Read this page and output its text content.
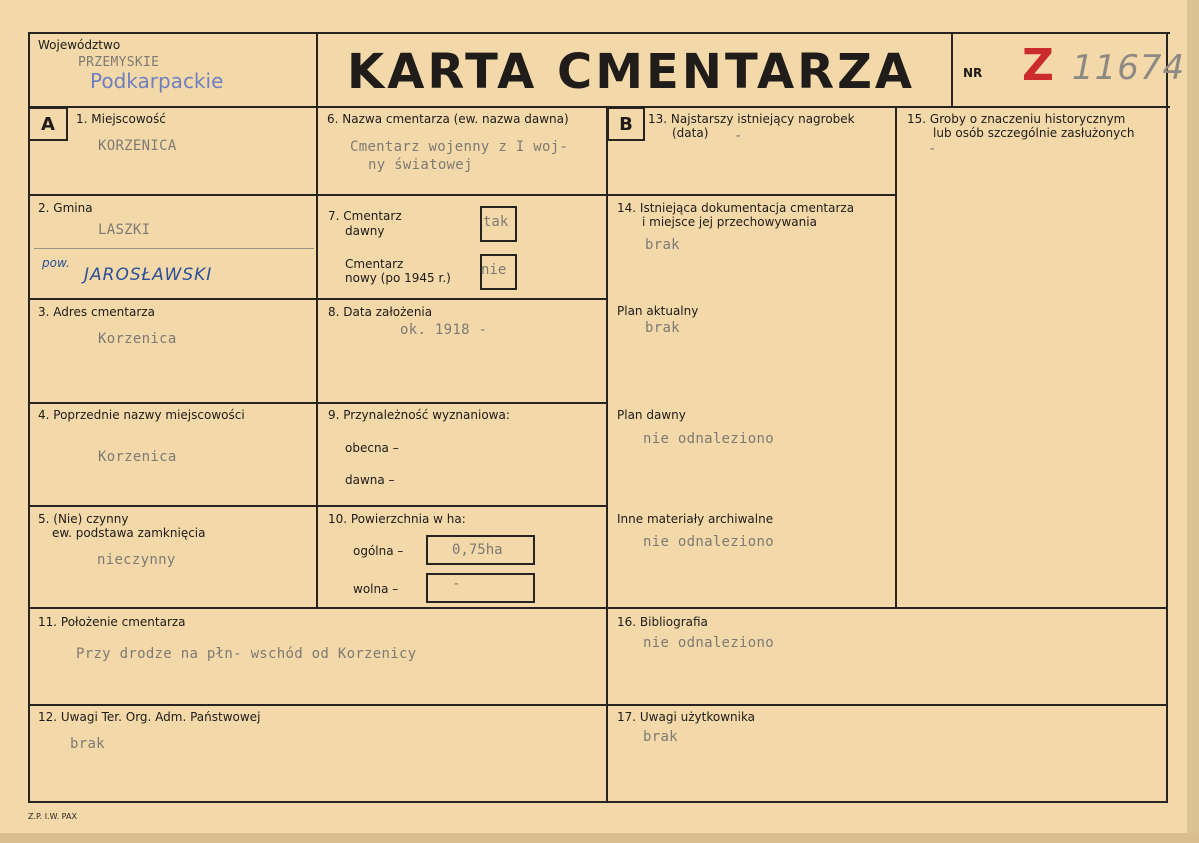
Województwo
PRZEMYSKIE
Podkarpackie	KARTA CMENTARZA	NR Z 11674
A	B
1. Miejscowość
KORZENICA
2. Gmina
LASZKI
pow.
JAROSŁAWSKI
3. Adres cmentarza
Korzenica
4. Poprzednie nazwy miejscowości
Korzenica
5. (Nie) czynny
ew. podstawa zamknięcia
nieczynny
6. Nazwa cmentarza (ew. nazwa dawna)
Cmentarz wojenny z I woj-
ny światowej
7. Cmentarz
dawny
tak
Cmentarz
nowy (po 1945 r.) nie
8. Data założenia
ok. 1918 -
9. Przynależność wyznaniowa:
obecna –
dawna –
10. Powierzchnia w ha:
ogólna –	0,75ha
wolna –	-
13. Najstarszy istniejący nagrobek
(data) -
14. Istniejąca dokumentacja cmentarza
i miejsce jej przechowywania
brak
Plan aktualny
brak
Plan dawny
nie odnaleziono
Inne materiały archiwalne
nie odnaleziono
15. Groby o znaczeniu historycznym
lub osób szczególnie zasłużonych
-
11. Położenie cmentarza
Przy drodze na płn- wschód od Korzenicy
16. Bibliografia
nie odnaleziono
12. Uwagi Ter. Org. Adm. Państwowej
brak
17. Uwagi użytkownika
brak
Z.P. I.W. PAX
